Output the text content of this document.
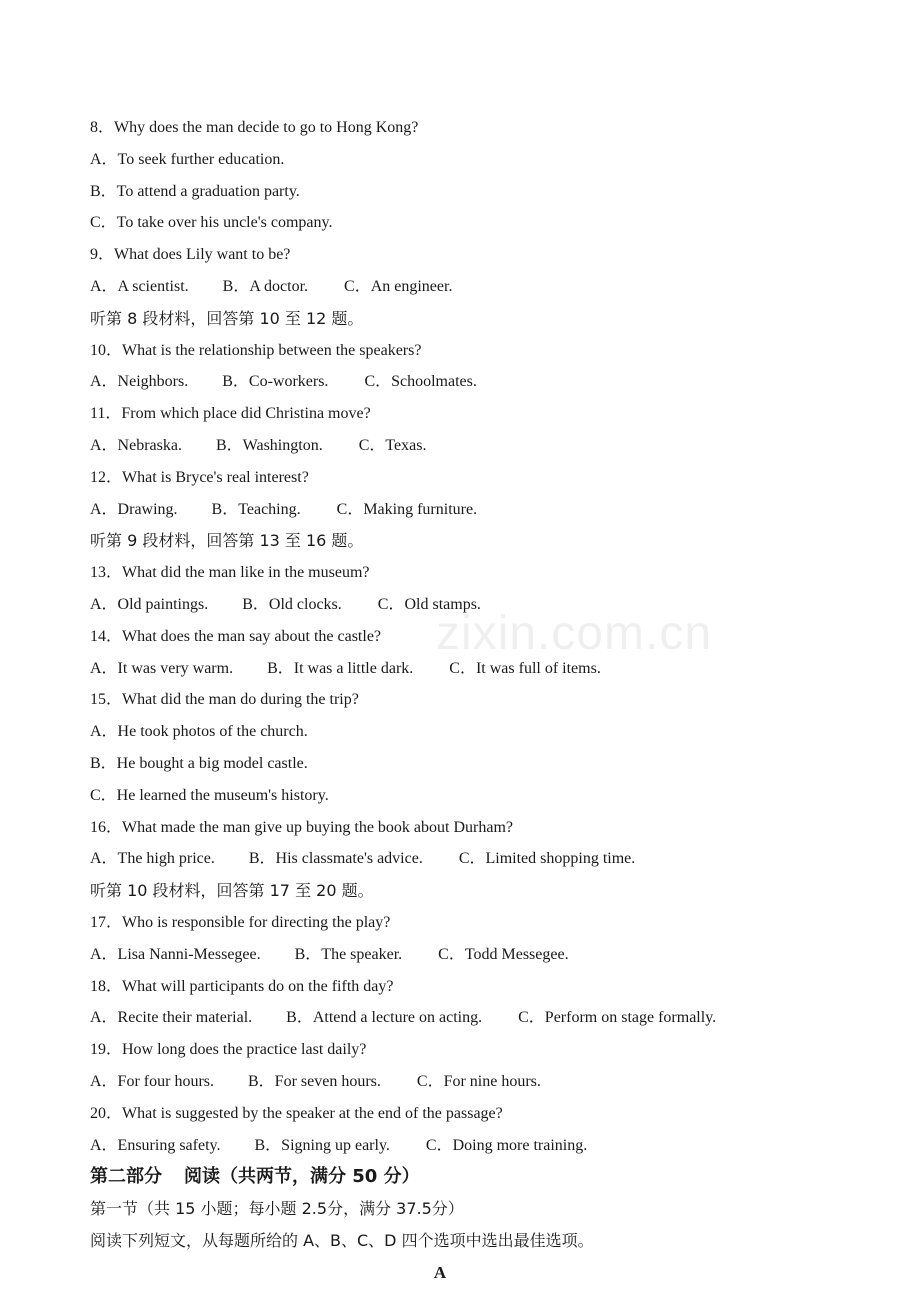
zixin.com.cn
8．Why does the man decide to go to Hong Kong?
A．To seek further education.
B．To attend a graduation party.
C．To take over his uncle's company.
9．What does Lily want to be?
A．A scientist. B．A doctor. C．An engineer.
听第 8 段材料，回答第 10 至 12 题。
10．What is the relationship between the speakers?
A．Neighbors. B．Co-workers. C．Schoolmates.
11．From which place did Christina move?
A．Nebraska. B．Washington. C．Texas.
12．What is Bryce's real interest?
A．Drawing. B．Teaching. C．Making furniture.
听第 9 段材料，回答第 13 至 16 题。
13．What did the man like in the museum?
A．Old paintings. B．Old clocks. C．Old stamps.
14．What does the man say about the castle?
A．It was very warm. B．It was a little dark. C．It was full of items.
15．What did the man do during the trip?
A．He took photos of the church.
B．He bought a big model castle.
C．He learned the museum's history.
16．What made the man give up buying the book about Durham?
A．The high price. B．His classmate's advice. C．Limited shopping time.
听第 10 段材料，回答第 17 至 20 题。
17．Who is responsible for directing the play?
A．Lisa Nanni-Messegee. B．The speaker. C．Todd Messegee.
18．What will participants do on the fifth day?
A．Recite their material. B．Attend a lecture on acting. C．Perform on stage formally.
19．How long does the practice last daily?
A．For four hours. B．For seven hours. C．For nine hours.
20．What is suggested by the speaker at the end of the passage?
A．Ensuring safety. B．Signing up early. C．Doing more training.
第二部分 阅读（共两节，满分 50 分）
第一节（共 15 小题；每小题 2.5分，满分 37.5分）
阅读下列短文，从每题所给的 A、B、C、D 四个选项中选出最佳选项。
A
